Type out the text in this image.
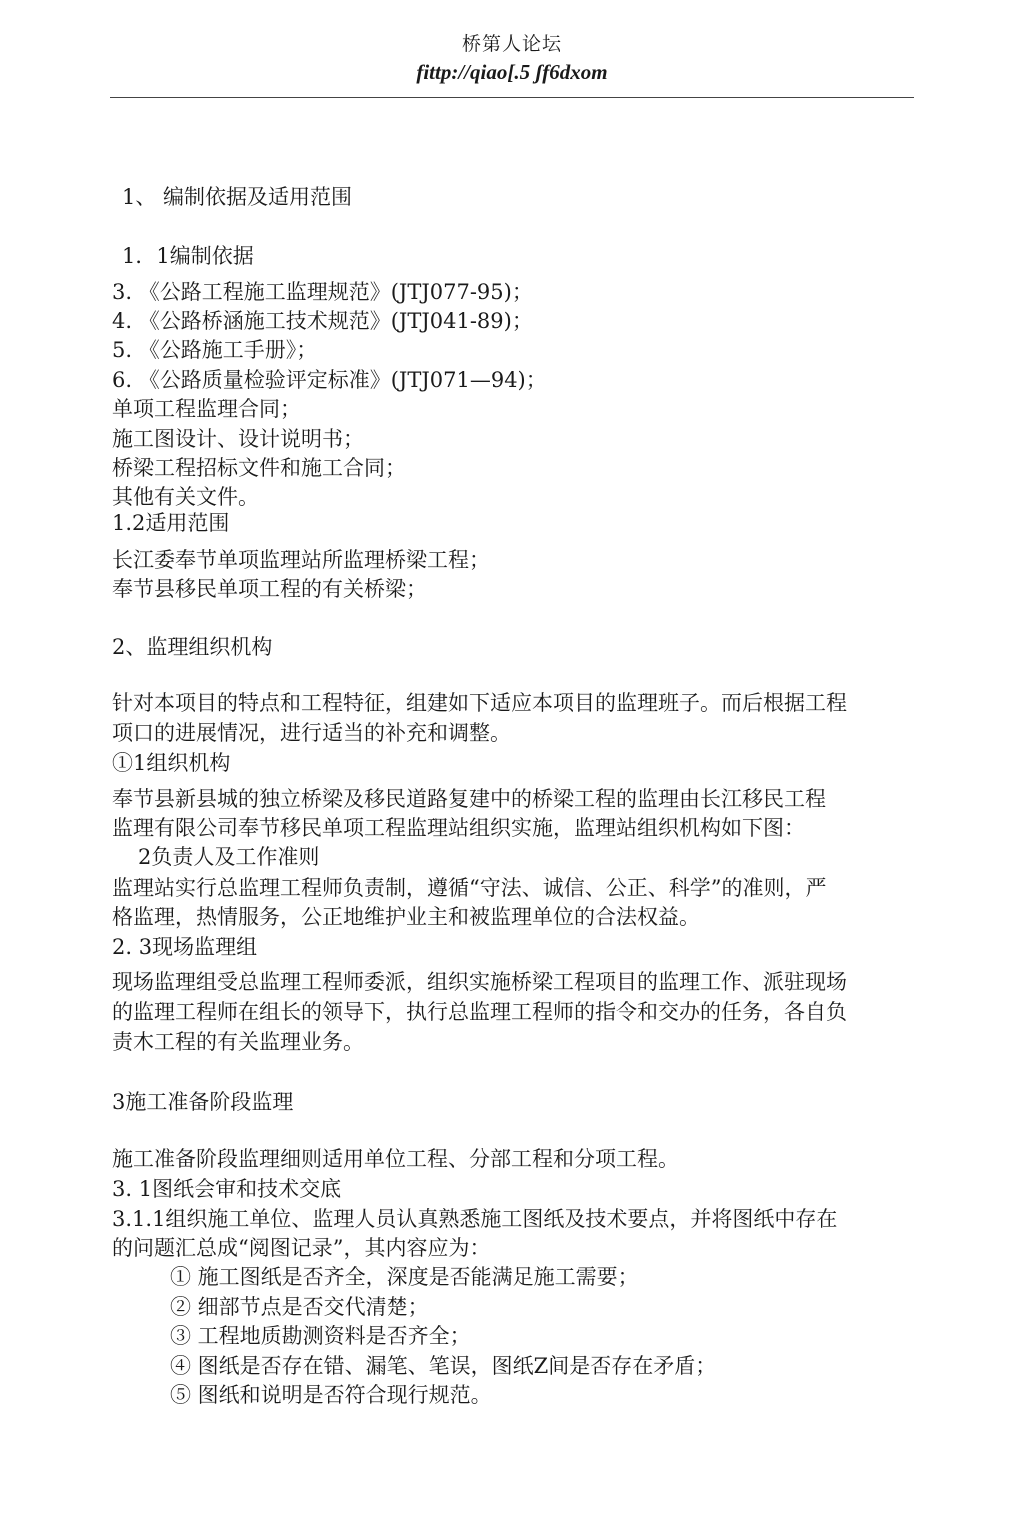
桥第人论坛
fittp://qiao[.5 ʃf6dxom
1、 编制依据及适用范围
1．1编制依据
3. 《公路工程施工监理规范》(JTJ077-95)；
4. 《公路桥涵施工技术规范》(JTJ041-89)；
5. 《公路施工手册》；
6. 《公路质量检验评定标准》(JTJ071—94)；
单项工程监理合同；
施工图设计、设计说明书；
桥梁工程招标文件和施工合同；
其他有关文件。
1.2适用范围
长江委奉节单项监理站所监理桥梁工程；
奉节县移民单项工程的有关桥梁；
2、监理组织机构
针对本项目的特点和工程特征，组建如下适应本项目的监理班子。而后根据工程
项口的进展情况，进行适当的补充和调整。
①1组织机构
奉节县新县城的独立桥梁及移民道路复建中的桥梁工程的监理由长江移民工程
监理有限公司奉节移民单项工程监理站组织实施，监理站组织机构如下图：
2负责人及工作准则
监理站实行总监理工程师负责制，遵循“守法、诚信、公正、科学”的准则，严
格监理，热情服务，公正地维护业主和被监理单位的合法权益。
2. 3现场监理组
现场监理组受总监理工程师委派，组织实施桥梁工程项目的监理工作、派驻现场
的监理工程师在组长的领导下，执行总监理工程师的指令和交办的任务，各自负
责木工程的有关监理业务。
3施工准备阶段监理
施工准备阶段监理细则适用单位工程、分部工程和分项工程。
3. 1图纸会审和技术交底
3.1.1组织施工单位、监理人员认真熟悉施工图纸及技术要点，并将图纸中存在
的问题汇总成“阅图记录”，其内容应为：
① 施工图纸是否齐全，深度是否能满足施工需要；
② 细部节点是否交代清楚；
③ 工程地质勘测资料是否齐全；
④ 图纸是否存在错、漏笔、笔误，图纸Z间是否存在矛盾；
⑤ 图纸和说明是否符合现行规范。
